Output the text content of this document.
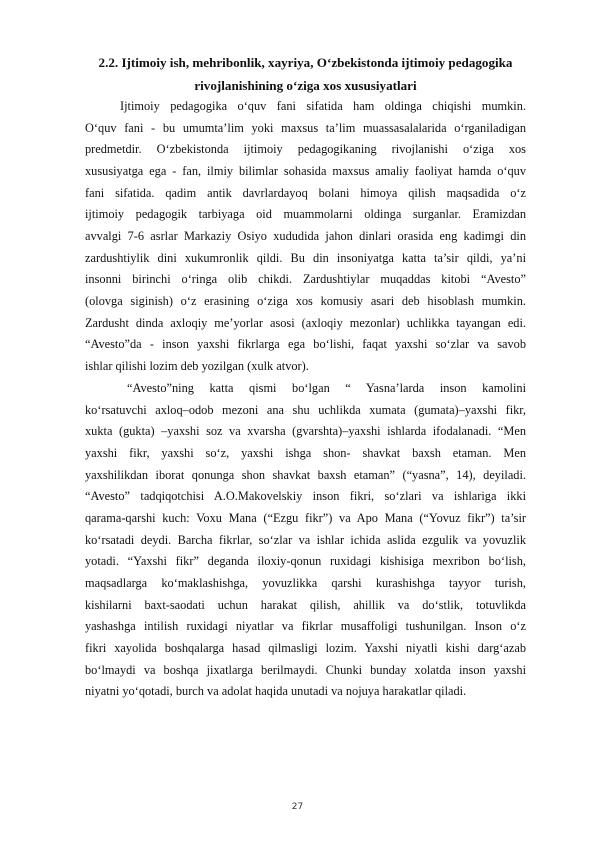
2.2. Ijtimoiy ish, mehribonlik, xayriya, O‘zbekistonda ijtimoiy pedagogika
rivojlanishining o‘ziga xos xususiyatlari
Ijtimoiy pedagogika o‘quv fani sifatida ham oldinga chiqishi mumkin.
O‘quv fani - bu umumta’lim yoki maxsus ta’lim muassasalalarida o‘rganiladigan
predmetdir. O‘zbekistonda ijtimoiy pedagogikaning rivojlanishi o‘ziga xos
xususiyatga ega - fan, ilmiy bilimlar sohasida maxsus amaliy faoliyat hamda o‘quv
fani sifatida. qadim antik davrlardayoq bolani himoya qilish maqsadida o‘z
ijtimoiy pedagogik tarbiyaga oid muammolarni oldinga surganlar. Eramizdan
avvalgi 7-6 asrlar Markaziy Osiyo xududida jahon dinlari orasida eng kadimgi din
zardushtiylik dini xukumronlik qildi. Bu din insoniyatga katta ta’sir qildi, ya’ni
insonni birinchi o‘ringa olib chikdi. Zardushtiylar muqaddas kitobi “Avesto”
(olovga siginish) o‘z erasining o‘ziga xos komusiy asari deb hisoblash mumkin.
Zardusht dinda axloqiy me’yorlar asosi (axloqiy mezonlar) uchlikka tayangan edi.
“Avesto”da - inson yaxshi fikrlarga ega bo‘lishi, faqat yaxshi so‘zlar va savob
ishlar qilishi lozim deb yozilgan (xulk atvor).
“Avesto”ning katta qismi bo‘lgan “ Yasna’larda inson kamolini
ko‘rsatuvchi axloq–odob mezoni ana shu uchlikda xumata (gumata)–yaxshi fikr,
xukta (gukta) –yaxshi soz va xvarsha (gvarshta)–yaxshi ishlarda ifodalanadi. “Men
yaxshi fikr, yaxshi so‘z, yaxshi ishga shon- shavkat baxsh etaman. Men
yaxshilikdan iborat qonunga shon shavkat baxsh etaman” (“yasna”, 14), deyiladi.
“Avesto” tadqiqotchisi A.O.Makovelskiy inson fikri, so‘zlari va ishlariga ikki
qarama-qarshi kuch: Voxu Mana (“Ezgu fikr”) va Apo Mana (“Yovuz fikr”) ta’sir
ko‘rsatadi deydi. Barcha fikrlar, so‘zlar va ishlar ichida aslida ezgulik va yovuzlik
yotadi. “Yaxshi fikr” deganda iloxiy-qonun ruxidagi kishisiga mexribon bo‘lish,
maqsadlarga ko‘maklashishga, yovuzlikka qarshi kurashishga tayyor turish,
kishilarni baxt-saodati uchun harakat qilish, ahillik va do‘stlik, totuvlikda
yashashga intilish ruxidagi niyatlar va fikrlar musaffoligi tushunilgan. Inson o‘z
fikri xayolida boshqalarga hasad qilmasligi lozim. Yaxshi niyatli kishi darg‘azab
bo‘lmaydi va boshqa jixatlarga berilmaydi. Chunki bunday xolatda inson yaxshi
niyatni yo‘qotadi, burch va adolat haqida unutadi va nojuya harakatlar qiladi.
27
